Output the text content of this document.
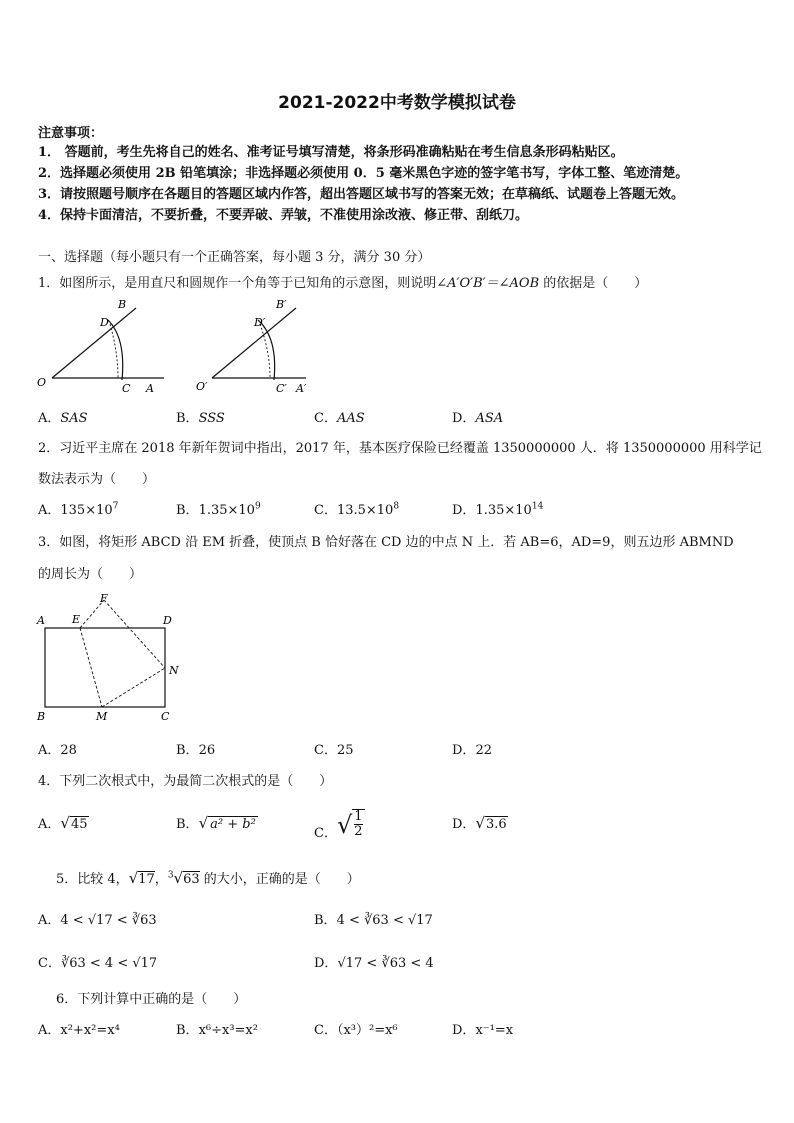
2021-2022中考数学模拟试卷
注意事项：
1． 答题前，考生先将自己的姓名、准考证号填写清楚，将条形码准确粘贴在考生信息条形码粘贴区。
2．选择题必须使用 2B 铅笔填涂；非选择题必须使用 0．5 毫米黑色字迹的签字笔书写，字体工整、笔迹清楚。
3．请按照题号顺序在各题目的答题区域内作答，超出答题区域书写的答案无效；在草稿纸、试题卷上答题无效。
4．保持卡面清洁，不要折叠，不要弄破、弄皱，不准使用涂改液、修正带、刮纸刀。
一、选择题（每小题只有一个正确答案，每小题 3 分，满分 30 分）
1．如图所示，是用直尺和圆规作一个角等于已知角的示意图，则说明∠A′O′B′＝∠AOB 的依据是（　　）
B
D
O	C A
B′
D′
O′	C′ A′
A．SAS	B．SSS	C．AAS	D．ASA
2．习近平主席在 2018 年新年贺词中指出，2017 年，基本医疗保险已经覆盖 1350000000 人．将 1350000000 用科学记
数法表示为（　　）
A．$135\times 10^7$	B．$1.35\times 10^9$	C．$13.5\times 10^8$	D．$1.35\times 10^{14}$
3．如图，将矩形 ABCD 沿 EM 折叠，使顶点 B 恰好落在 CD 边的中点 N 上．若 AB=6，AD=9，则五边形 ABMND
的周长为（　　）
A E
F
D
N
B	M	C
A．28	B．26	C．25	D．22
4．下列二次根式中，为最简二次根式的是（　　）
A．√45	B．√ a² + b²
C．√ $\frac{1}{2}$	D．√3.6
5．比较 4，√17，$^3$√63 的大小，正确的是（　　）
A．4 < √17 < ∛63	B．4 < ∛63 < √17
C．∛63 < 4 < √17	D．√17 < ∛63 < 4
6．下列计算中正确的是（　　）
A．x²+x²=x⁴	B．x⁶÷x³=x²	C．（x³）²=x⁶	D．x⁻¹=x
